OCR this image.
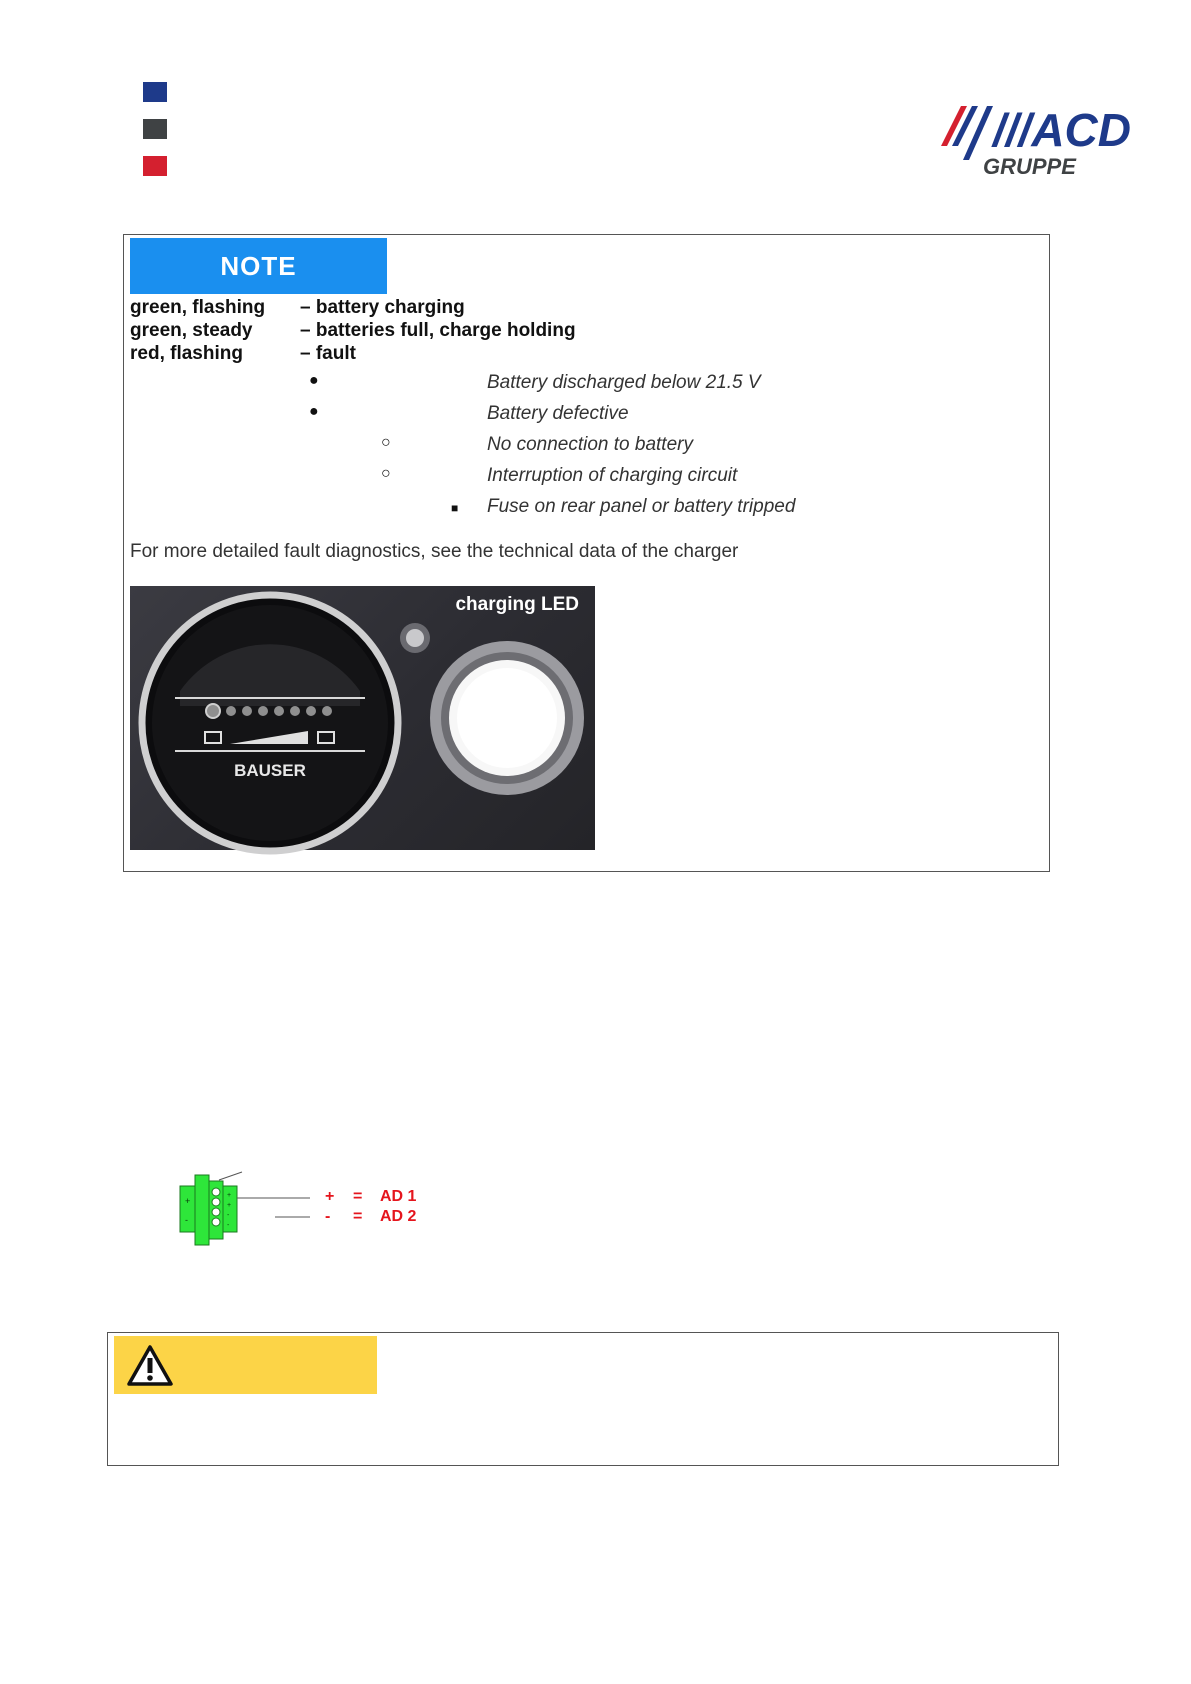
///ACD
GRUPPE
NOTE
green, flashing – battery charging
green, steady	– batteries full, charge holding
red, flashing	– fault
●	Battery discharged below 21.5 V
●	Battery defective
○	No connection to battery
○	Interruption of charging circuit
■ Fuse on rear panel or battery tripped
For more detailed fault diagnostics, see the technical data of the charger
BAUSER
charging LED
+
-
+
+
-
-
+ = AD 1
- = AD 2
